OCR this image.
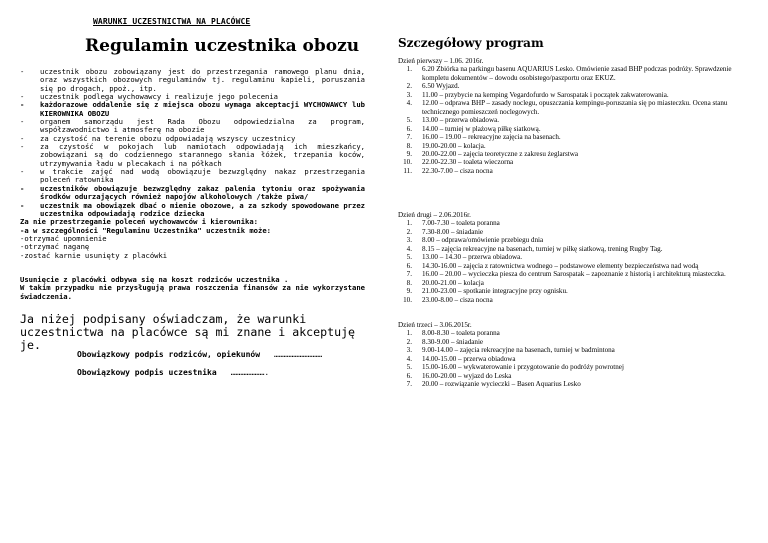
WARUNKI UCZESTNICTWA NA PLACÓWCE
Regulamin uczestnika obozu
- uczestnik obozu zobowiązany jest do przestrzegania ramowego planu dnia, oraz wszystkich obozowych regulaminów tj. regulaminu kapieli, poruszania się po drogach, ppoż., itp.
- uczestnik podlega wychowawcy i realizuje jego polecenia
- każdorazowe oddalenie się z miejsca obozu wymaga akceptacji WYCHOWAWCY lub KIEROWNIKA OBOZU
- organem samorządu jest Rada Obozu odpowiedzialna za program, współzawodnictwo i atmosferę na obozie
- za czystość na terenie obozu odpowiadają wszyscy uczestnicy
- za czystość w pokojach lub namiotach odpowiadają ich mieszkańcy, zobowiązani są do codziennego starannego słania łóżek, trzepania koców, utrzymywania ładu w plecakach i na półkach
- w trakcie zajęć nad wodą obowiązuje bezwzględny nakaz przestrzegania poleceń ratownika
- uczestników obowiązuje bezwzględny zakaz palenia tytoniu oraz spożywania środków odurzających również napojów alkoholowych /także piwa/
- uczestnik ma obowiązek dbać o mienie obozowe, a za szkody spowodowane przez uczestnika odpowiadają rodzice dziecka
Za nie przestrzeganie poleceń wychowawców i kierownika:
-a w szczególności "Regulaminu Uczestnika" uczestnik może:
-otrzymać upomnienie
-otrzymać naganę
-zostać karnie usunięty z placówki
Usunięcie z placówki odbywa się na koszt rodziców uczestnika .
W takim przypadku nie przysługują prawa roszczenia finansów za nie wykorzystane świadczenia.
Ja niżej podpisany oświadczam, że warunki uczestnictwa na placówce są mi znane i akceptuję je.
Obowiązkowy podpis rodziców, opiekunów …………………………
Obowiązkowy podpis uczestnika ………………….
Szczegółowy program
Dzień pierwszy – 1.06. 2016r.
1. 6.20 Zbiórka na parkingu basenu AQUARIUS Lesko. Omówienie zasad BHP podczas podróży. Sprawdzenie kompletu dokumentów – dowodu osobistego/paszportu oraz EKUZ.
2. 6.50 Wyjazd.
3. 11.00 – przybycie na kemping Vegardofurdo w Sarospatak i początek zakwaterowania.
4. 12.00 – odprawa BHP – zasady noclegu, opuszczania kempingu-poruszania się po miasteczku. Ocena stanu technicznego pomieszczeń noclegowych.
5. 13.00 – przerwa obiadowa.
6. 14.00 – turniej w plażową piłkę siatkową.
7. 16.00 – 19.00 – rekreacyjne zajęcia na basenach.
8. 19.00-20.00 – kolacja.
9. 20.00-22.00 – zajęcia teoretyczne z zakresu żeglarstwa
10. 22.00-22.30 – toaleta wieczorna
11. 22.30-7.00 – cisza nocna
Dzień drugi – 2.06.2016r.
1. 7.00-7.30 – toaleta poranna
2. 7.30-8.00 – śniadanie
3. 8.00 – odprawa/omówienie przebiegu dnia
4. 8.15 – zajęcia rekreacyjne na basenach, turniej w piłkę siatkową, trening Rugby Tag.
5. 13.00 – 14.30 – przerwa obiadowa.
6. 14.30-16.00 – zajęcia z ratownictwa wodnego – podstawowe elementy bezpieczeństwa nad wodą
7. 16.00 – 20.00 – wycieczka piesza do centrum Sarospatak – zapoznanie z historią i architekturą miasteczka.
8. 20.00-21.00 – kolacja
9. 21.00-23.00 – spotkanie integracyjne przy ognisku.
10. 23.00-8.00 – cisza nocna
Dzień trzeci – 3.06.2015r.
1. 8.00-8.30 – toaleta poranna
2. 8.30-9.00 – śniadanie
3. 9.00-14.00 – zajęcia rekreacyjne na basenach, turniej w badmintona
4. 14.00-15.00 – przerwa obiadowa
5. 15.00-16.00 – wykwaterowanie i przygotowanie do podróży powrotnej
6. 16.00-20.00 – wyjazd do Leska
7. 20.00 – rozwiązanie wycieczki – Basen Aquarius Lesko
